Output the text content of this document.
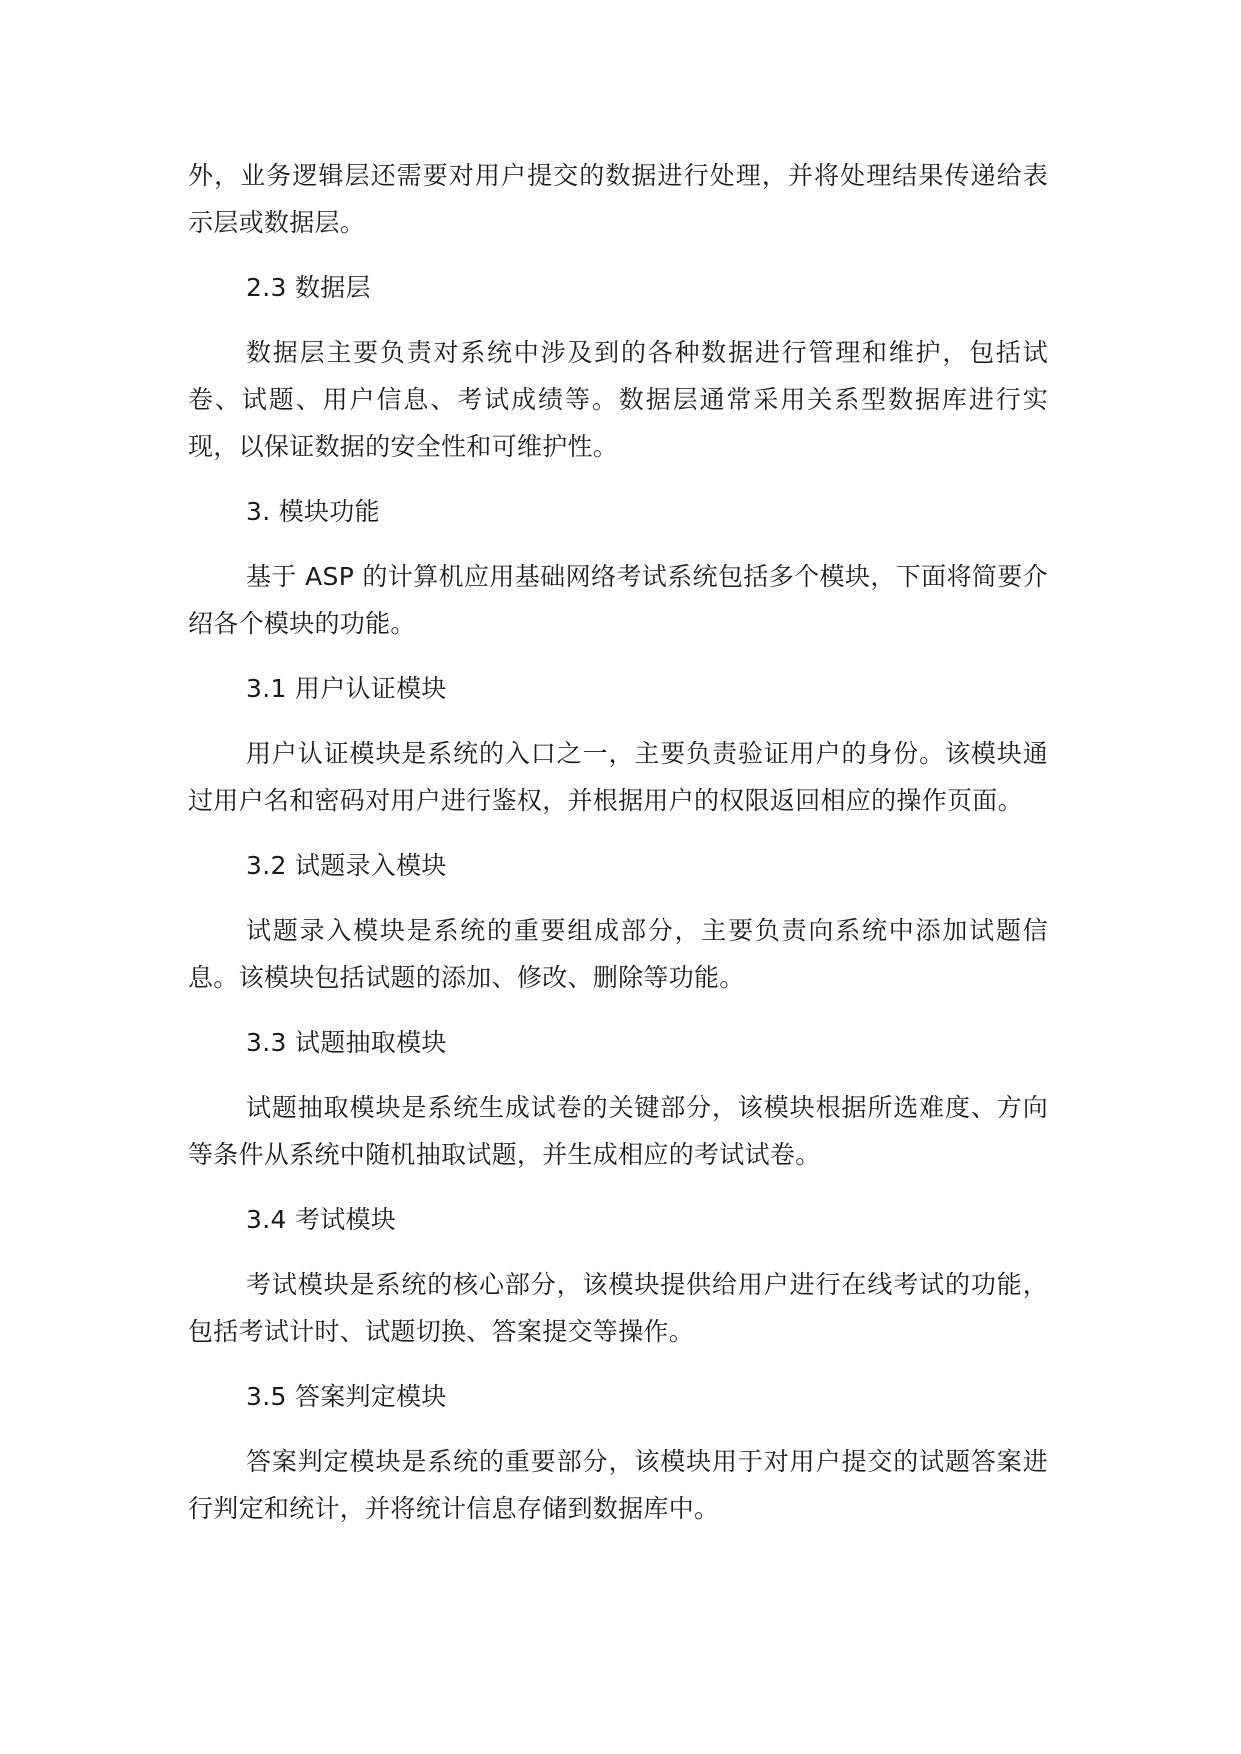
外，业务逻辑层还需要对用户提交的数据进行处理，并将处理结果传递给表示层或数据层。

2.3 数据层

数据层主要负责对系统中涉及到的各种数据进行管理和维护，包括试卷、试题、用户信息、考试成绩等。数据层通常采用关系型数据库进行实现，以保证数据的安全性和可维护性。

3. 模块功能

基于 ASP 的计算机应用基础网络考试系统包括多个模块，下面将简要介绍各个模块的功能。

3.1 用户认证模块

用户认证模块是系统的入口之一，主要负责验证用户的身份。该模块通过用户名和密码对用户进行鉴权，并根据用户的权限返回相应的操作页面。

3.2 试题录入模块

试题录入模块是系统的重要组成部分，主要负责向系统中添加试题信息。该模块包括试题的添加、修改、删除等功能。

3.3 试题抽取模块

试题抽取模块是系统生成试卷的关键部分，该模块根据所选难度、方向等条件从系统中随机抽取试题，并生成相应的考试试卷。

3.4 考试模块

考试模块是系统的核心部分，该模块提供给用户进行在线考试的功能，包括考试计时、试题切换、答案提交等操作。

3.5 答案判定模块

答案判定模块是系统的重要部分，该模块用于对用户提交的试题答案进行判定和统计，并将统计信息存储到数据库中。
